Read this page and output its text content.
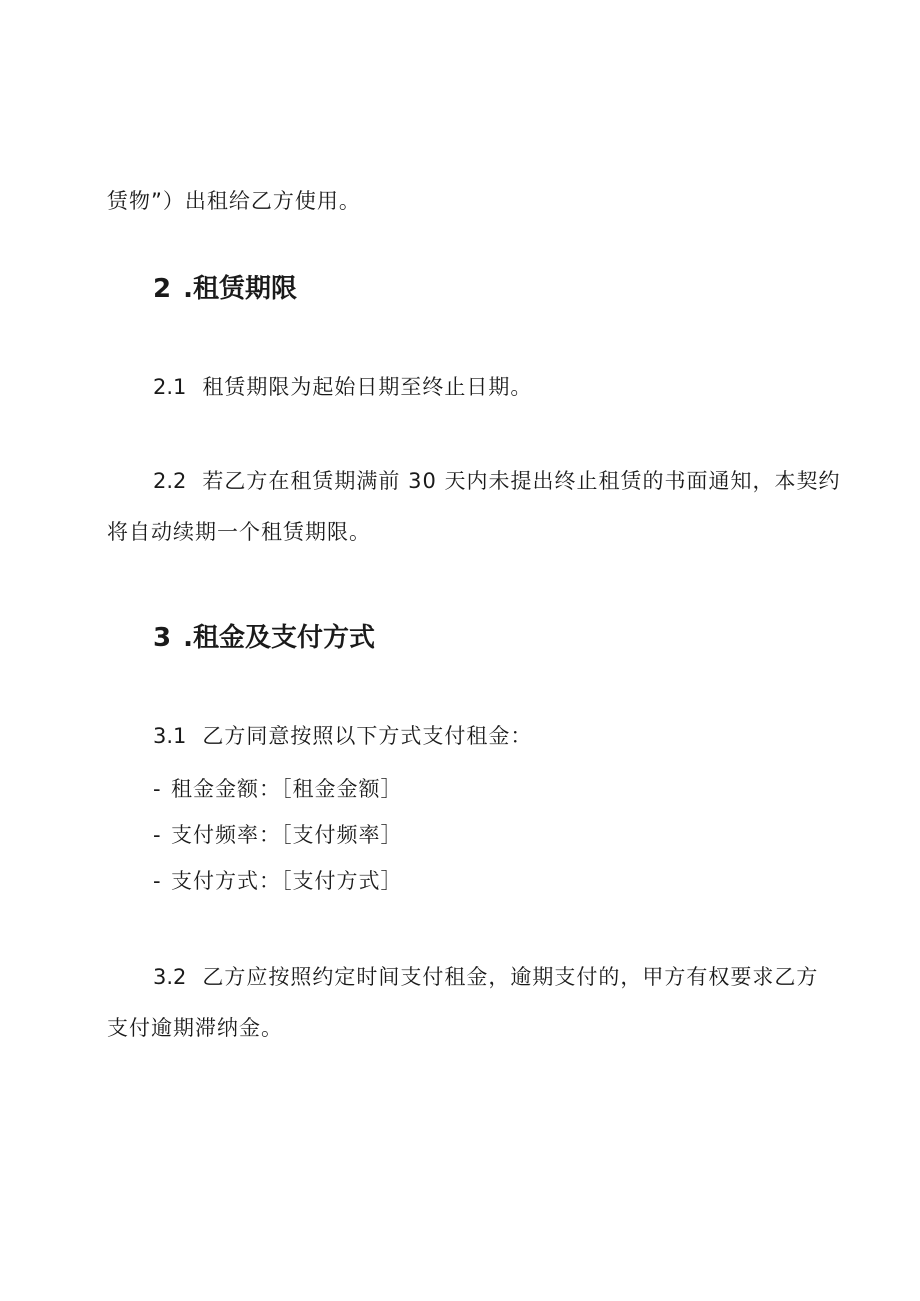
赁物”）出租给乙方使用。
2 .租赁期限
2.1 租赁期限为起始日期至终止日期。
2.2 若乙方在租赁期满前 30 天内未提出终止租赁的书面通知，本契约
将自动续期一个租赁期限。
3 .租金及支付方式
3.1 乙方同意按照以下方式支付租金：
- 租金金额：［租金金额］
- 支付频率：［支付频率］
- 支付方式：［支付方式］
3.2 乙方应按照约定时间支付租金，逾期支付的，甲方有权要求乙方
支付逾期滞纳金。
